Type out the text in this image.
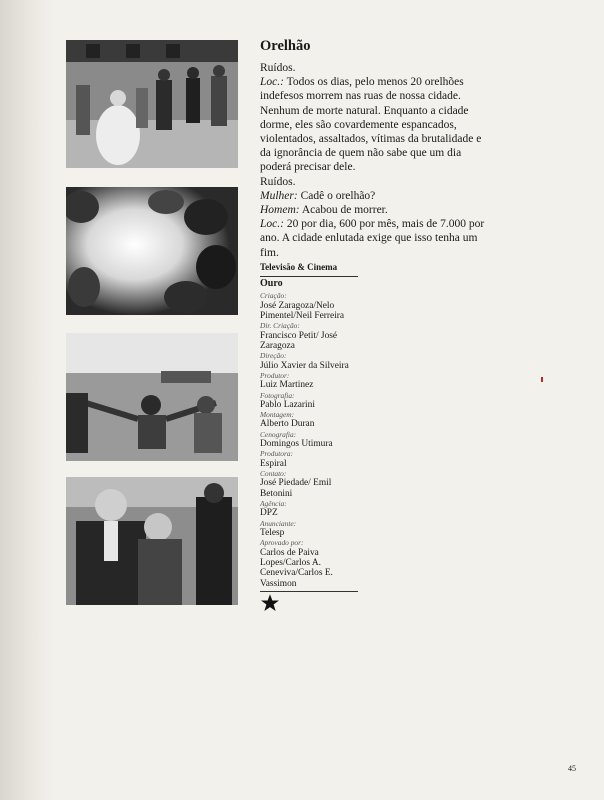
Orelhão

Ruídos.

Loc.: Todos os dias, pelo menos 20 orelhões indefesos morrem nas ruas de nossa cidade. Nenhum de morte natural. Enquanto a cidade dorme, eles são covardemente espancados, violentados, assaltados, vítimas da brutalidade e da ignorância de quem não sabe que um dia poderá precisar dele.

Ruídos.

Mulher: Cadê o orelhão?

Homem: Acabou de morrer.

Loc.: 20 por dia, 600 por mês, mais de 7.000 por ano. A cidade enlutada exige que isso tenha um fim.

Televisão & Cinema
Ouro
Criação:
José Zaragoza/Nelo Pimentel/Neil Ferreira
Dir. Criação:
Francisco Petit/ José Zaragoza
Direção:
Júlio Xavier da Silveira
Produtor:
Luiz Martinez
Fotografia:
Pablo Lazarini
Montagem:
Alberto Duran
Cenografia:
Domingos Utimura
Produtora:
Espiral
Contato:
José Piedade/ Emil Betonini
Agência:
DPZ
Anunciante:
Telesp
Aprovado por:
Carlos de Paiva Lopes/Carlos A. Ceneviva/Carlos E. Vassimon
45
